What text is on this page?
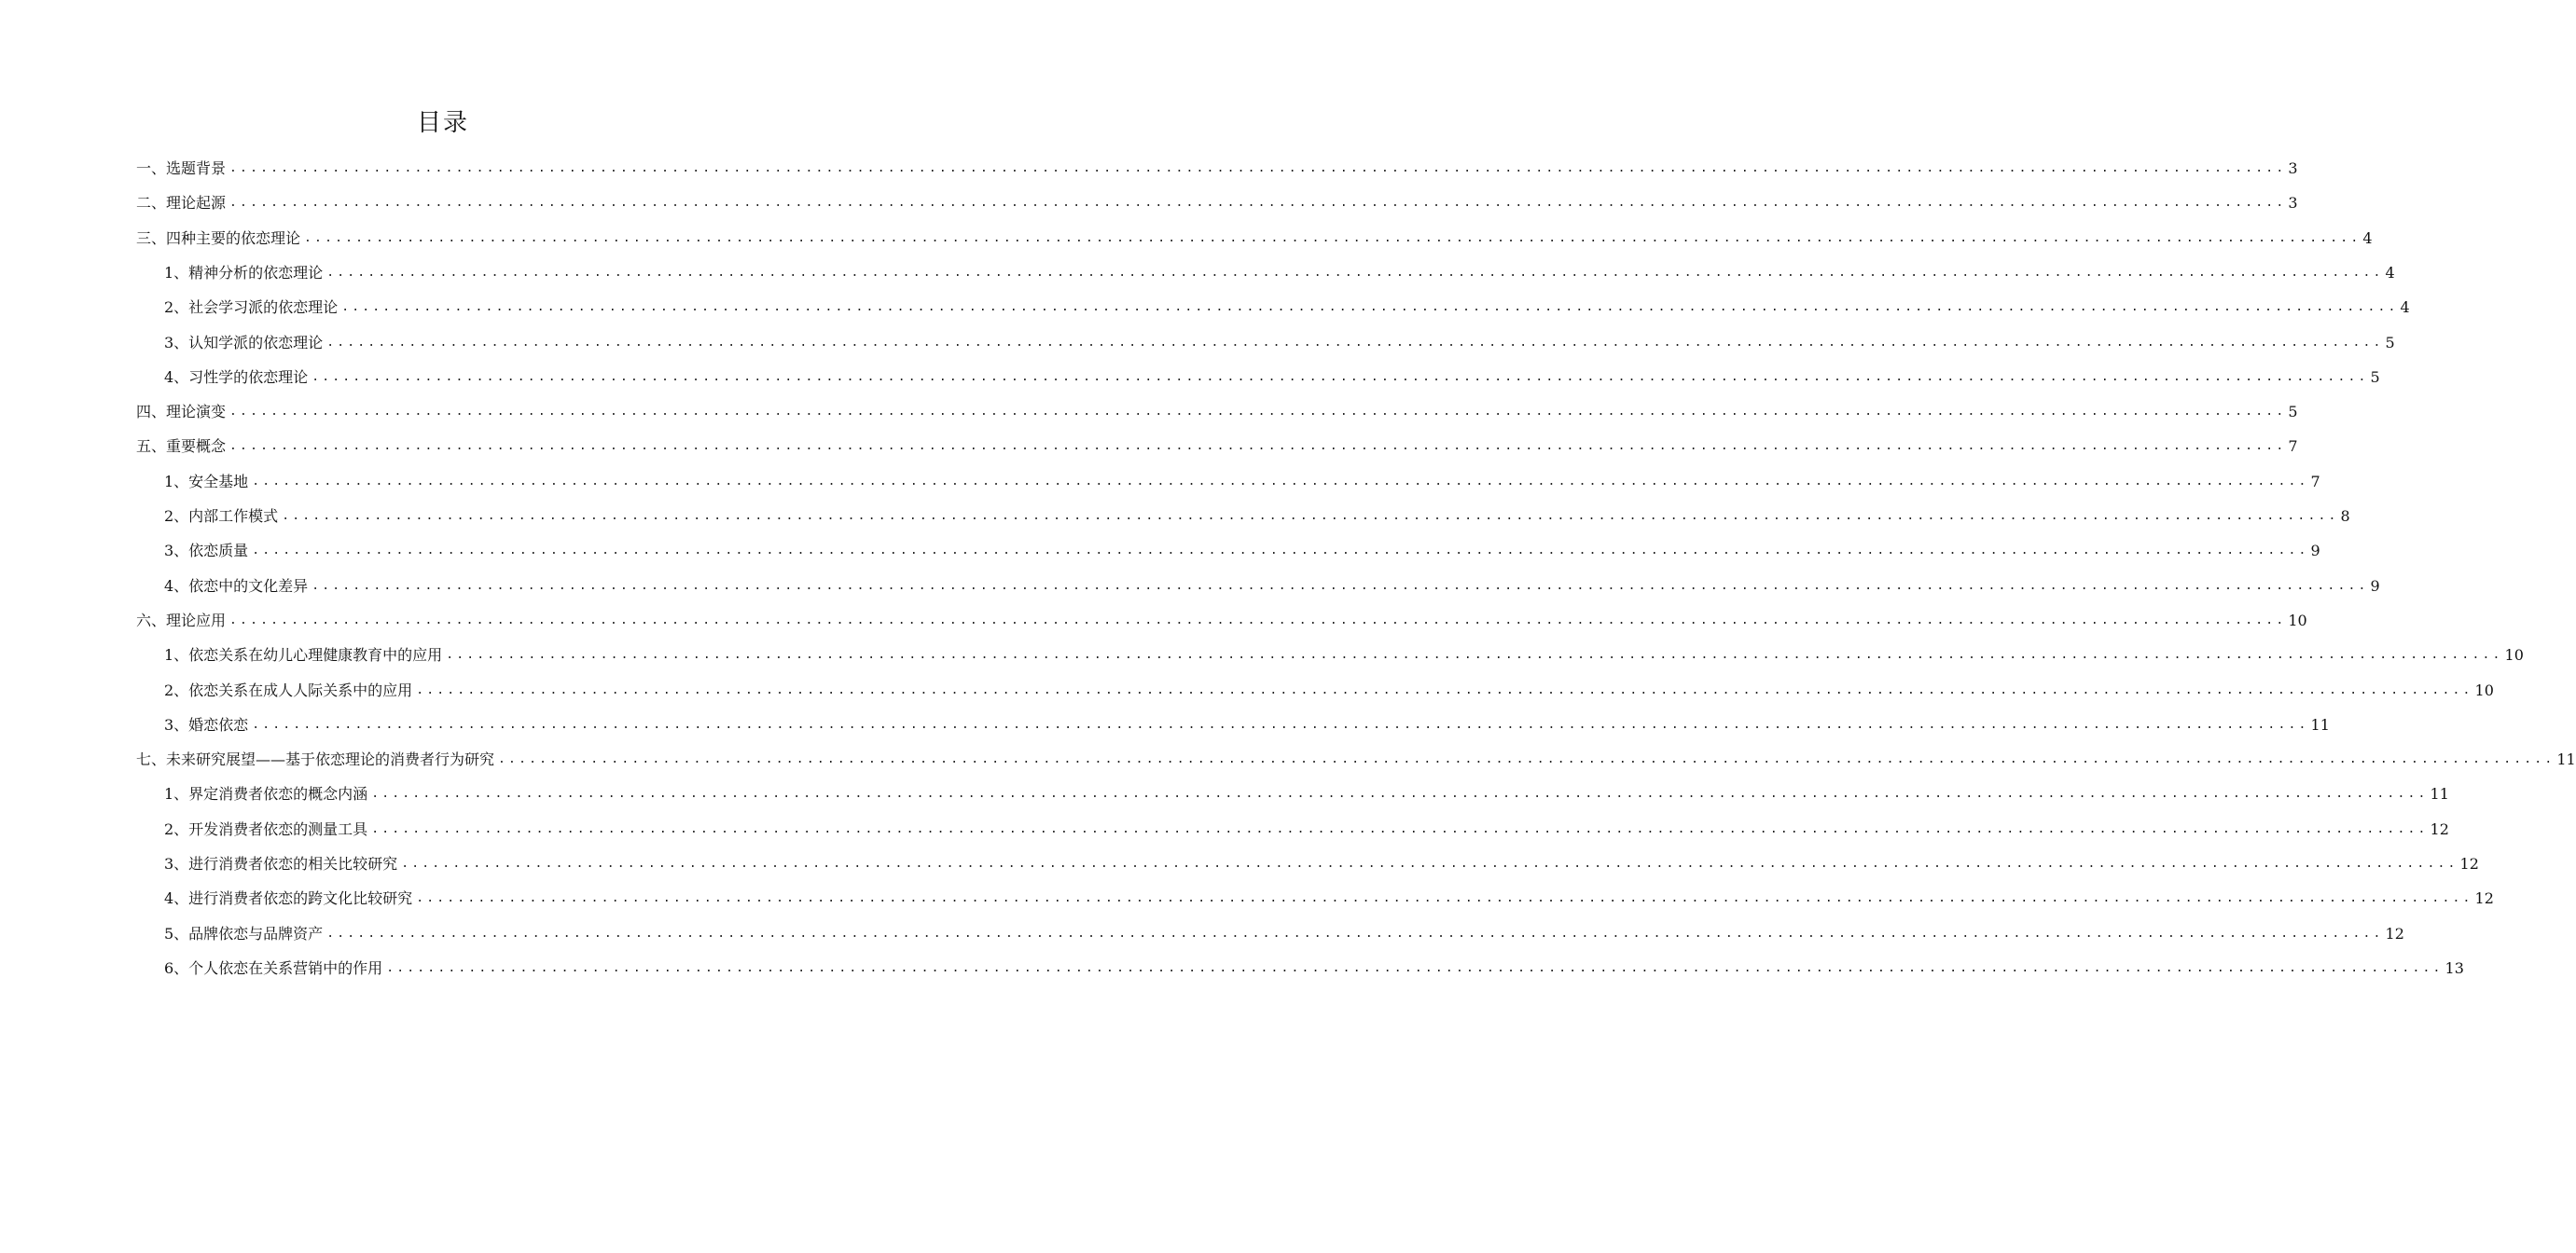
目录
一、选题背景 ........................................................................................................................................................................................................ 3
二、理论起源 ........................................................................................................................................................................................................ 3
三、四种主要的依恋理论 ........................................................................................................................................................................................................ 4
1、精神分析的依恋理论 ........................................................................................................................................................................................................ 4
2、社会学习派的依恋理论 ........................................................................................................................................................................................................ 4
3、认知学派的依恋理论 ........................................................................................................................................................................................................ 5
4、习性学的依恋理论 ........................................................................................................................................................................................................ 5
四、理论演变 ........................................................................................................................................................................................................ 5
五、重要概念 ........................................................................................................................................................................................................ 7
1、安全基地 ........................................................................................................................................................................................................ 7
2、内部工作模式 ........................................................................................................................................................................................................ 8
3、依恋质量 ........................................................................................................................................................................................................ 9
4、依恋中的文化差异 ........................................................................................................................................................................................................ 9
六、理论应用 ........................................................................................................................................................................................................ 10
1、依恋关系在幼儿心理健康教育中的应用 ........................................................................................................................................................................................................ 10
2、依恋关系在成人人际关系中的应用 ........................................................................................................................................................................................................ 10
3、婚恋依恋 ........................................................................................................................................................................................................ 11
七、未来研究展望——基于依恋理论的消费者行为研究 ........................................................................................................................................................................................................ 11
1、界定消费者依恋的概念内涵 ........................................................................................................................................................................................................ 11
2、开发消费者依恋的测量工具 ........................................................................................................................................................................................................ 12
3、进行消费者依恋的相关比较研究 ........................................................................................................................................................................................................ 12
4、进行消费者依恋的跨文化比较研究 ........................................................................................................................................................................................................ 12
5、品牌依恋与品牌资产 ........................................................................................................................................................................................................ 12
6、个人依恋在关系营销中的作用 ........................................................................................................................................................................................................ 13
